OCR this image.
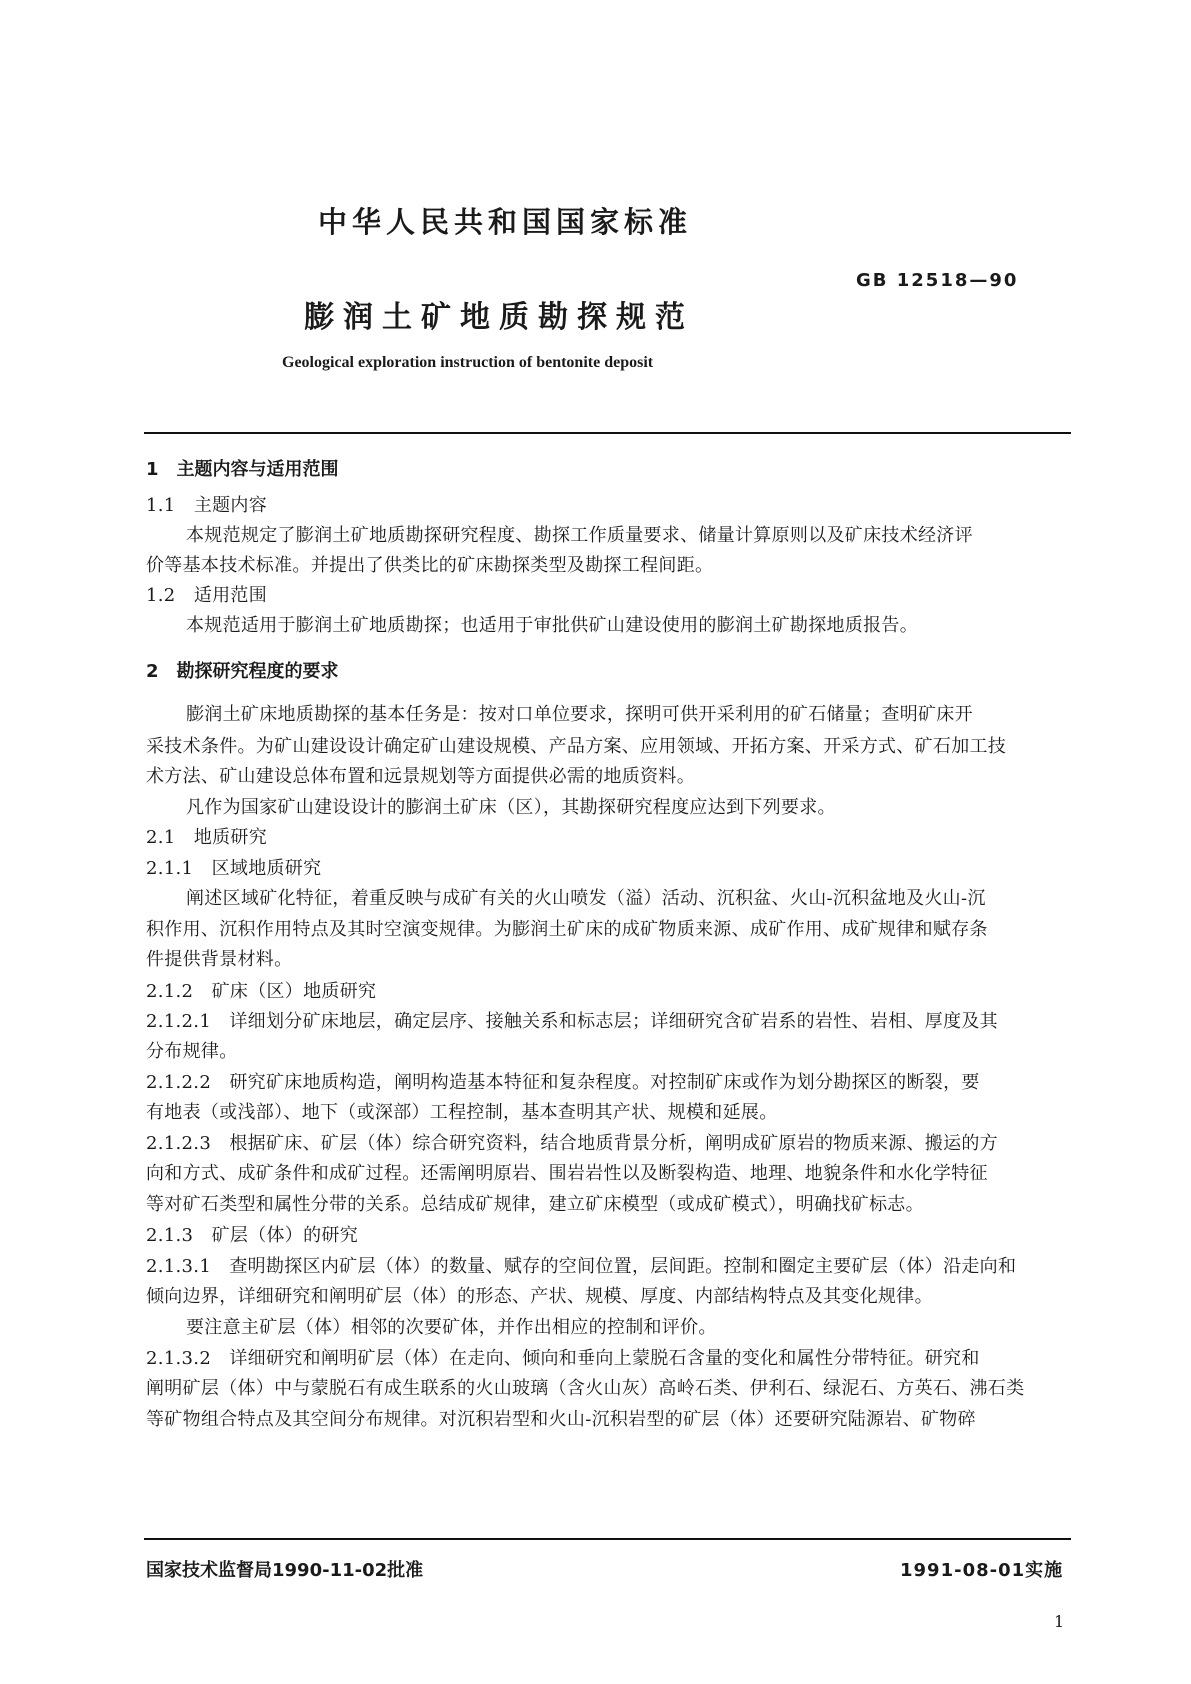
中华人民共和国国家标准
GB 12518—90
膨润土矿地质勘探规范
Geological exploration instruction of bentonite deposit
1　主题内容与适用范围
1.1　主题内容
本规范规定了膨润土矿地质勘探研究程度、勘探工作质量要求、储量计算原则以及矿床技术经济评
价等基本技术标准。并提出了供类比的矿床勘探类型及勘探工程间距。
1.2　适用范围
本规范适用于膨润土矿地质勘探；也适用于审批供矿山建设使用的膨润土矿勘探地质报告。
2　勘探研究程度的要求
膨润土矿床地质勘探的基本任务是：按对口单位要求，探明可供开采利用的矿石储量；查明矿床开
采技术条件。为矿山建设设计确定矿山建设规模、产品方案、应用领域、开拓方案、开采方式、矿石加工技
术方法、矿山建设总体布置和远景规划等方面提供必需的地质资料。
凡作为国家矿山建设设计的膨润土矿床（区），其勘探研究程度应达到下列要求。
2.1　地质研究
2.1.1　区域地质研究
阐述区域矿化特征，着重反映与成矿有关的火山喷发（溢）活动、沉积盆、火山-沉积盆地及火山-沉
积作用、沉积作用特点及其时空演变规律。为膨润土矿床的成矿物质来源、成矿作用、成矿规律和赋存条
件提供背景材料。
2.1.2　矿床（区）地质研究
2.1.2.1　详细划分矿床地层，确定层序、接触关系和标志层；详细研究含矿岩系的岩性、岩相、厚度及其
分布规律。
2.1.2.2　研究矿床地质构造，阐明构造基本特征和复杂程度。对控制矿床或作为划分勘探区的断裂，要
有地表（或浅部）、地下（或深部）工程控制，基本查明其产状、规模和延展。
2.1.2.3　根据矿床、矿层（体）综合研究资料，结合地质背景分析，阐明成矿原岩的物质来源、搬运的方
向和方式、成矿条件和成矿过程。还需阐明原岩、围岩岩性以及断裂构造、地理、地貌条件和水化学特征
等对矿石类型和属性分带的关系。总结成矿规律，建立矿床模型（或成矿模式），明确找矿标志。
2.1.3　矿层（体）的研究
2.1.3.1　查明勘探区内矿层（体）的数量、赋存的空间位置，层间距。控制和圈定主要矿层（体）沿走向和
倾向边界，详细研究和阐明矿层（体）的形态、产状、规模、厚度、内部结构特点及其变化规律。
要注意主矿层（体）相邻的次要矿体，并作出相应的控制和评价。
2.1.3.2　详细研究和阐明矿层（体）在走向、倾向和垂向上蒙脱石含量的变化和属性分带特征。研究和
阐明矿层（体）中与蒙脱石有成生联系的火山玻璃（含火山灰）高岭石类、伊利石、绿泥石、方英石、沸石类
等矿物组合特点及其空间分布规律。对沉积岩型和火山-沉积岩型的矿层（体）还要研究陆源岩、矿物碎
国家技术监督局1990-11-02批准	1991-08-01实施
1
